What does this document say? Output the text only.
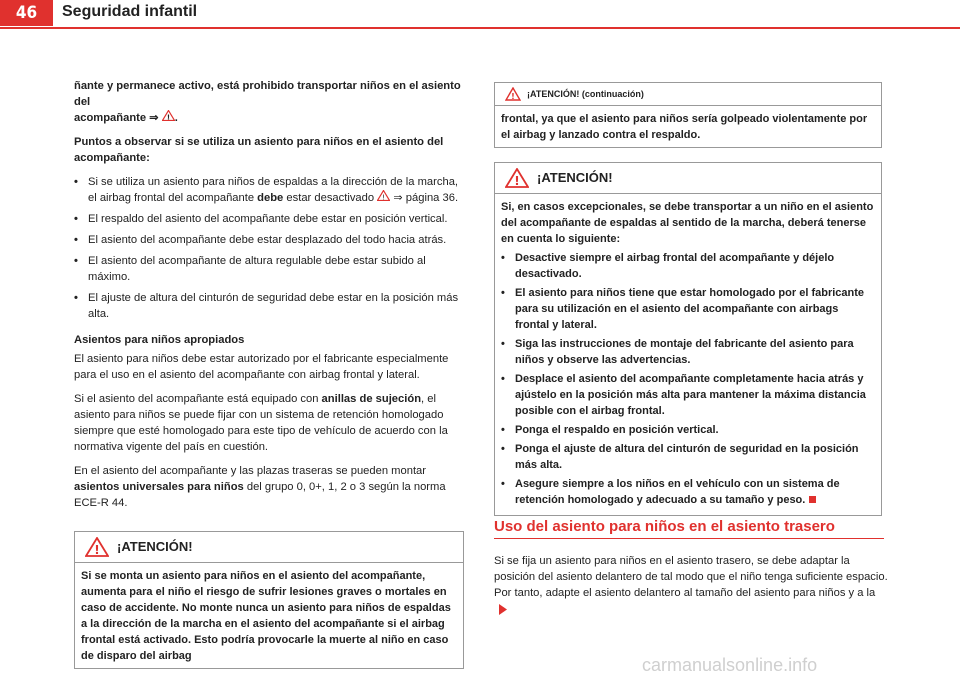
46	Seguridad infantil

ñante y permanece activo, está prohibido transportar niños en el asiento del
acompañante ⇒ ! .

Puntos a observar si se utiliza un asiento para niños en el asiento del acompañante:

• Si se utiliza un asiento para niños de espaldas a la dirección de la marcha, el airbag frontal del acompañante debe estar desactivado ! ⇒ página 36.
• El respaldo del asiento del acompañante debe estar en posición vertical.
• El asiento del acompañante debe estar desplazado del todo hacia atrás.
• El asiento del acompañante de altura regulable debe estar subido al máximo.
• El ajuste de altura del cinturón de seguridad debe estar en la posición más alta.

Asientos para niños apropiados

El asiento para niños debe estar autorizado por el fabricante especialmente para el uso en el asiento del acompañante con airbag frontal y lateral.

Si el asiento del acompañante está equipado con anillas de sujeción, el asiento para niños se puede fijar con un sistema de retención homologado siempre que esté homologado para este tipo de vehículo de acuerdo con la normativa vigente del país en cuestión.

En el asiento del acompañante y las plazas traseras se pueden montar asientos universales para niños del grupo 0, 0+, 1, 2 o 3 según la norma ECE-R 44.

! ¡ATENCIÓN!
Si se monta un asiento para niños en el asiento del acompañante, aumenta para el niño el riesgo de sufrir lesiones graves o mortales en caso de accidente. No monte nunca un asiento para niños de espaldas a la dirección de la marcha en el asiento del acompañante si el airbag frontal está activado. Esto podría provocarle la muerte al niño en caso de disparo del airbag
! ¡ATENCIÓN! (continuación)
frontal, ya que el asiento para niños sería golpeado violentamente por el airbag y lanzado contra el respaldo.
! ¡ATENCIÓN!

Si, en casos excepcionales, se debe transportar a un niño en el asiento del acompañante de espaldas al sentido de la marcha, deberá tenerse en cuenta lo siguiente:

• Desactive siempre el airbag frontal del acompañante y déjelo desactivado.
• El asiento para niños tiene que estar homologado por el fabricante para su utilización en el asiento del acompañante con airbags frontal y lateral.
• Siga las instrucciones de montaje del fabricante del asiento para niños y observe las advertencias.
• Desplace el asiento del acompañante completamente hacia atrás y ajústelo en la posición más alta para mantener la máxima distancia posible con el airbag frontal.
• Ponga el respaldo en posición vertical.
• Ponga el ajuste de altura del cinturón de seguridad en la posición más alta.
• Asegure siempre a los niños en el vehículo con un sistema de retención homologado y adecuado a su tamaño y peso.
Uso del asiento para niños en el asiento trasero
Si se fija un asiento para niños en el asiento trasero, se debe adaptar la posición del asiento delantero de tal modo que el niño tenga suficiente espacio. Por tanto, adapte el asiento delantero al tamaño del asiento para niños y a la
carmanualsonline.info
